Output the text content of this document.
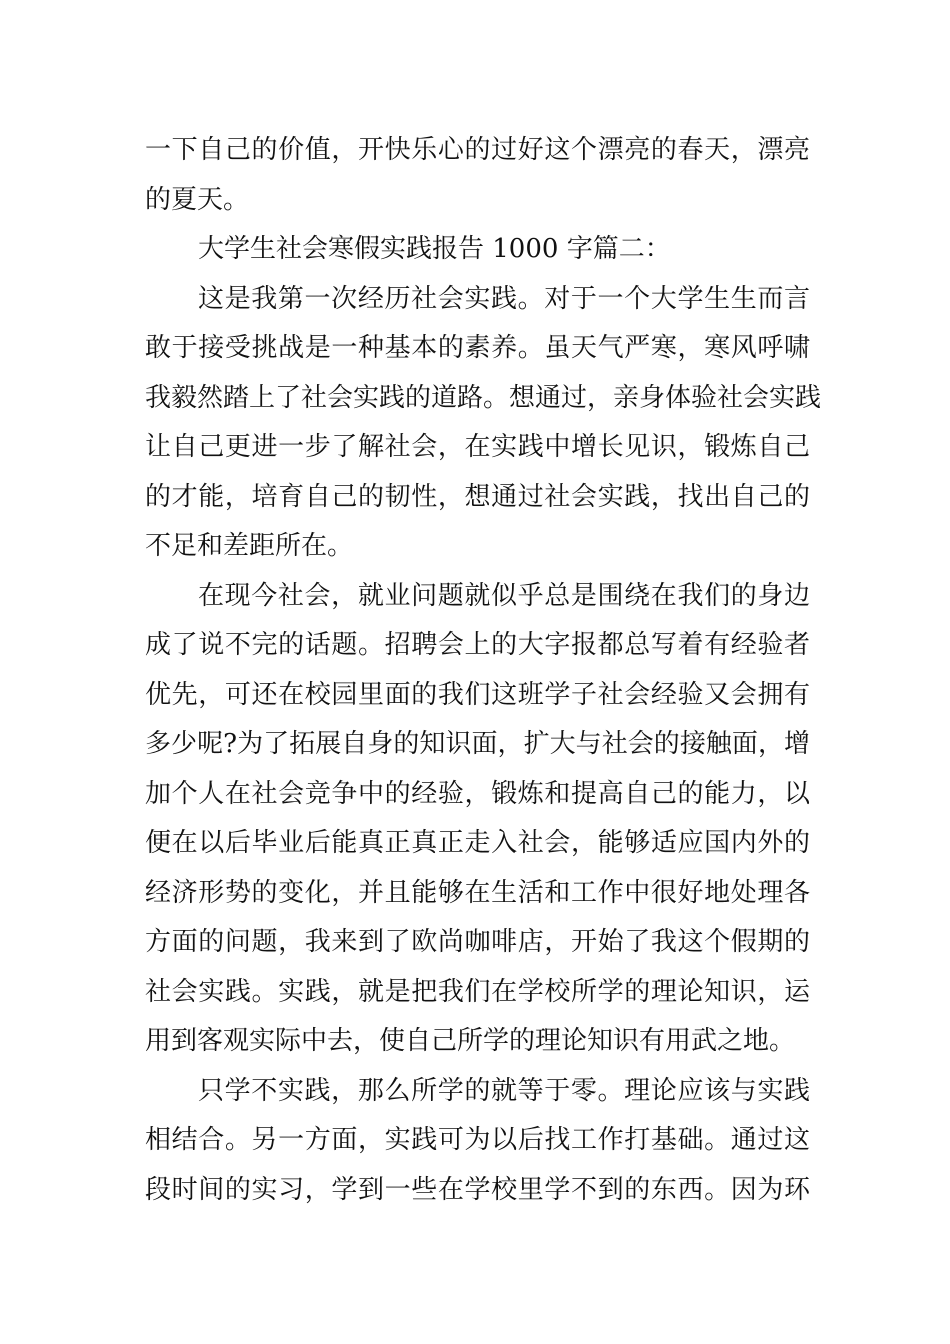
一下自己的价值，开快乐心的过好这个漂亮的春天，漂亮
的夏天。
大学生社会寒假实践报告 1000 字篇二：
这是我第一次经历社会实践。对于一个大学生生而言
敢于接受挑战是一种基本的素养。虽天气严寒，寒风呼啸
我毅然踏上了社会实践的道路。想通过，亲身体验社会实践
让自己更进一步了解社会，在实践中增长见识，锻炼自己
的才能，培育自己的韧性，想通过社会实践，找出自己的
不足和差距所在。
在现今社会，就业问题就似乎总是围绕在我们的身边
成了说不完的话题。招聘会上的大字报都总写着有经验者
优先，可还在校园里面的我们这班学子社会经验又会拥有
多少呢?为了拓展自身的知识面，扩大与社会的接触面，增
加个人在社会竞争中的经验，锻炼和提高自己的能力，以
便在以后毕业后能真正真正走入社会，能够适应国内外的
经济形势的变化，并且能够在生活和工作中很好地处理各
方面的问题，我来到了欧尚咖啡店，开始了我这个假期的
社会实践。实践，就是把我们在学校所学的理论知识，运
用到客观实际中去，使自己所学的理论知识有用武之地。
只学不实践，那么所学的就等于零。理论应该与实践
相结合。另一方面，实践可为以后找工作打基础。通过这
段时间的实习，学到一些在学校里学不到的东西。因为环
